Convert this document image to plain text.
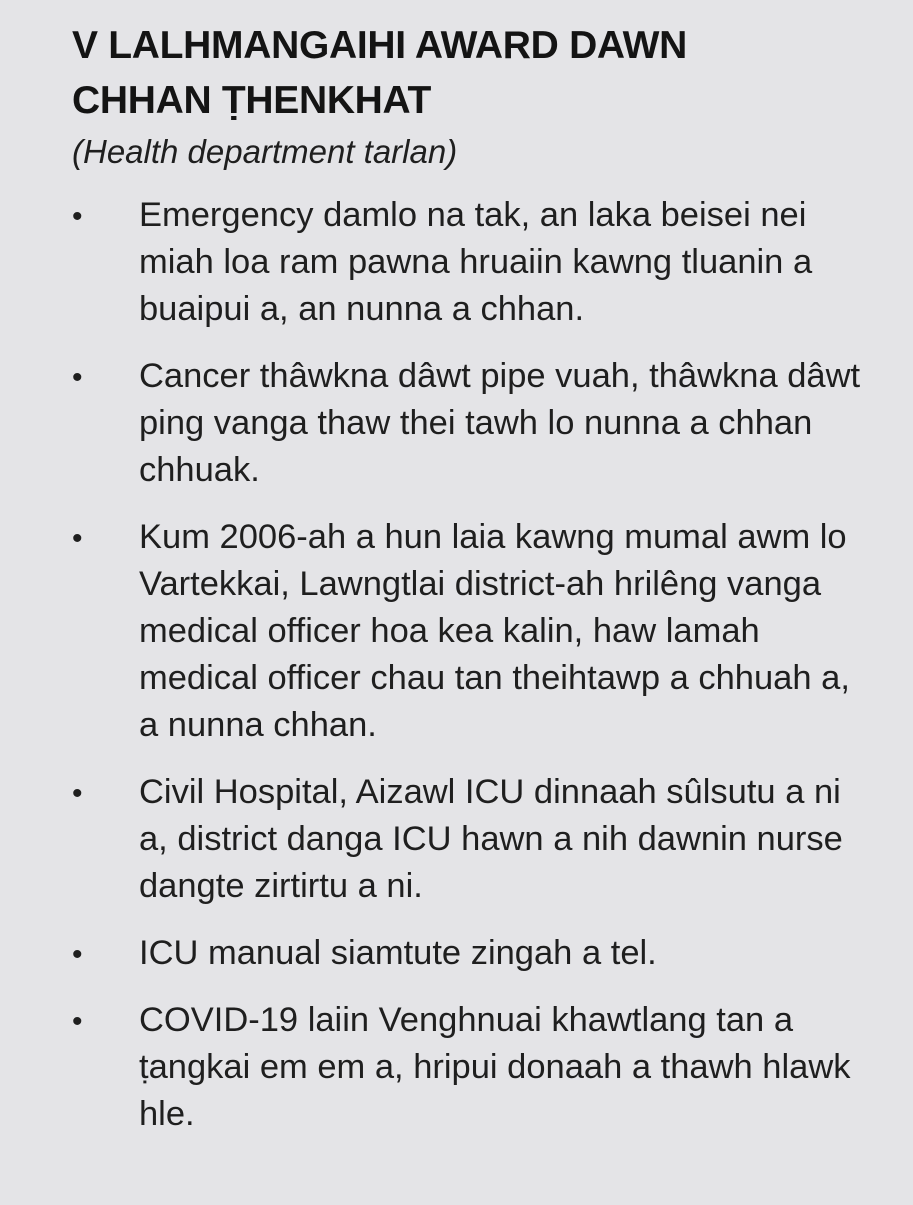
V LALHMANGAIHI AWARD DAWN
CHHAN ṬHENKHAT

(Health department tarlan)

• Emergency damlo na tak, an laka beisei nei miah loa ram pawna hruaiin kawng tluanin a buaipui a, an nunna a chhan.
• Cancer thâwkna dâwt pipe vuah, thâwkna dâwt ping vanga thaw thei tawh lo nunna a chhan chhuak.
• Kum 2006-ah a hun laia kawng mumal awm lo Vartekkai, Lawngtlai district-ah hrilêng vanga medical officer hoa kea kalin, haw lamah medical officer chau tan theihtawp a chhuah a, a nunna chhan.
• Civil Hospital, Aizawl ICU dinnaah sûlsutu a ni a, district danga ICU hawn a nih dawnin nurse dangte zirtirtu a ni.
• ICU manual siamtute zingah a tel.
• COVID-19 laiin Venghnuai khawtlang tan a ṭangkai em em a, hripui donaah a thawh hlawk hle.
